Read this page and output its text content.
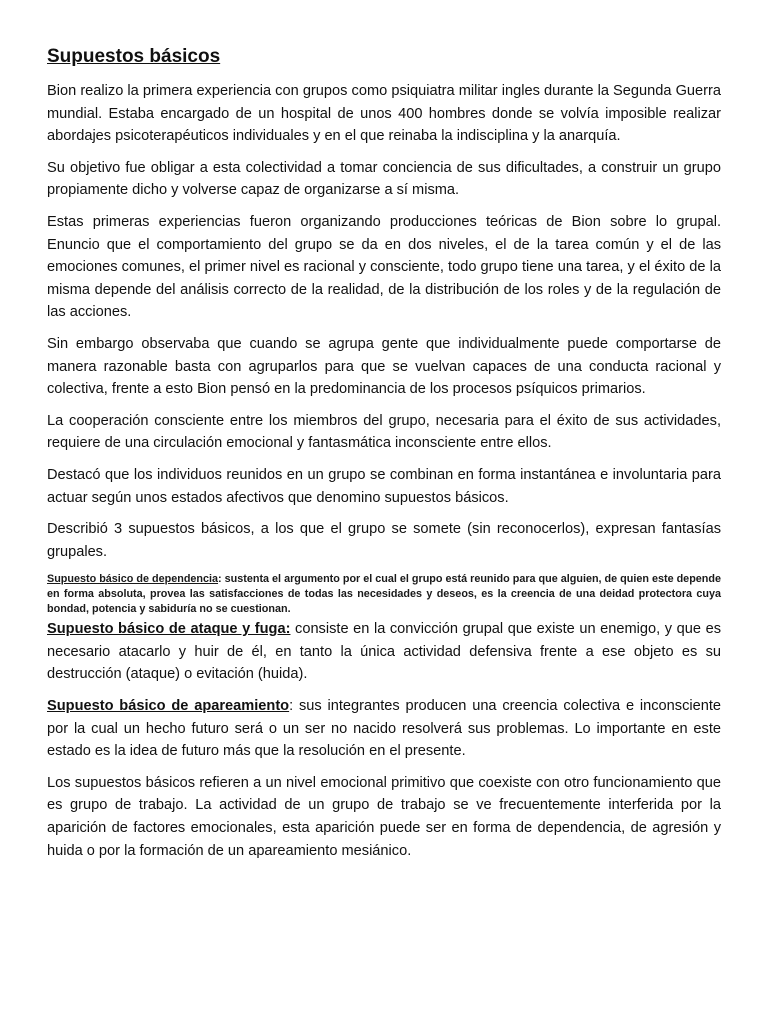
Supuestos básicos

Bion realizo la primera experiencia con grupos como psiquiatra militar ingles durante la Segunda Guerra mundial. Estaba encargado de un hospital de unos 400 hombres donde se volvía imposible realizar abordajes psicoterapéuticos individuales y en el que reinaba la indisciplina y la anarquía.

Su objetivo fue obligar a esta colectividad a tomar conciencia de sus dificultades, a construir un grupo propiamente dicho y volverse capaz de organizarse a sí misma.

Estas primeras experiencias fueron organizando producciones teóricas de Bion sobre lo grupal. Enuncio que el comportamiento del grupo se da en dos niveles, el de la tarea común y el de las emociones comunes, el primer nivel es racional y consciente, todo grupo tiene una tarea, y el éxito de la misma depende del análisis correcto de la realidad, de la distribución de los roles y de la regulación de las acciones.

Sin embargo observaba que cuando se agrupa gente que individualmente puede comportarse de manera razonable basta con agruparlos para que se vuelvan capaces de una conducta racional y colectiva, frente a esto Bion pensó en la predominancia de los procesos psíquicos primarios.

La cooperación consciente entre los miembros del grupo, necesaria para el éxito de sus actividades, requiere de una circulación emocional y fantasmática inconsciente entre ellos.

Destacó que los individuos reunidos en un grupo se combinan en forma instantánea e involuntaria para actuar según unos estados afectivos que denomino supuestos básicos.

Describió 3 supuestos básicos, a los que el grupo se somete (sin reconocerlos), expresan fantasías grupales.

Supuesto básico de dependencia: sustenta el argumento por el cual el grupo está reunido para que alguien, de quien este depende en forma absoluta, provea las satisfacciones de todas las necesidades y deseos, es la creencia de una deidad protectora cuya bondad, potencia y sabiduría no se cuestionan.

Supuesto básico de ataque y fuga: consiste en la convicción grupal que existe un enemigo, y que es necesario atacarlo y huir de él, en tanto la única actividad defensiva frente a ese objeto es su destrucción (ataque) o evitación (huida).

Supuesto básico de apareamiento: sus integrantes producen una creencia colectiva e inconsciente por la cual un hecho futuro será o un ser no nacido resolverá sus problemas. Lo importante en este estado es la idea de futuro más que la resolución en el presente.

Los supuestos básicos refieren a un nivel emocional primitivo que coexiste con otro funcionamiento que es grupo de trabajo. La actividad de un grupo de trabajo se ve frecuentemente interferida por la aparición de factores emocionales, esta aparición puede ser en forma de dependencia, de agresión y huida o por la formación de un apareamiento mesiánico.
